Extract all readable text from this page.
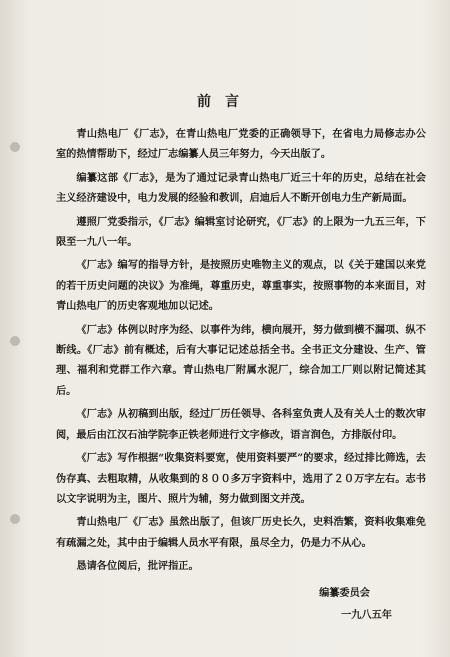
前言

青山热电厂《厂志》，在青山热电厂党委的正确领导下，在省电力局修志办公室的热情帮助下，经过厂志编纂人员三年努力，今天出版了。

编纂这部《厂志》，是为了通过记录青山热电厂近三十年的历史，总结在社会主义经济建设中，电力发展的经验和教训，启迪后人不断开创电力生产新局面。

遵照厂党委指示，《厂志》编辑室讨论研究，《厂志》的上限为一九五三年，下限至一九八一年。

《厂志》编写的指导方针，是按照历史唯物主义的观点，以《关于建国以来党的若干历史问题的决议》为准绳，尊重历史，尊重事实，按照事物的本来面目，对青山热电厂的历史客观地加以记述。

《厂志》体例以时序为经、以事件为纬，横向展开，努力做到横不漏项、纵不断线。《厂志》前有概述，后有大事记记述总括全书。全书正文分建设、生产、管理、福利和党群工作六章。青山热电厂附属水泥厂，综合加工厂则以附记简述其后。

《厂志》从初稿到出版，经过厂历任领导、各科室负责人及有关人士的数次审阅，最后由江汉石油学院李正铁老师进行文字修改，语言润色，方排版付印。

《厂志》写作根据“收集资料要宽，使用资料要严”的要求，经过排比筛选，去伪存真、去粗取精，从收集到的８００多万字资料中，选用了２０万字左右。志书以文字说明为主，图片、照片为辅，努力做到图文并茂。

青山热电厂《厂志》虽然出版了，但该厂历史长久，史料浩繁，资料收集难免有疏漏之处，其中由于编辑人员水平有限，虽尽全力，仍是力不从心。

恳请各位阅后，批评指正。

编纂委员会
一九八五年
